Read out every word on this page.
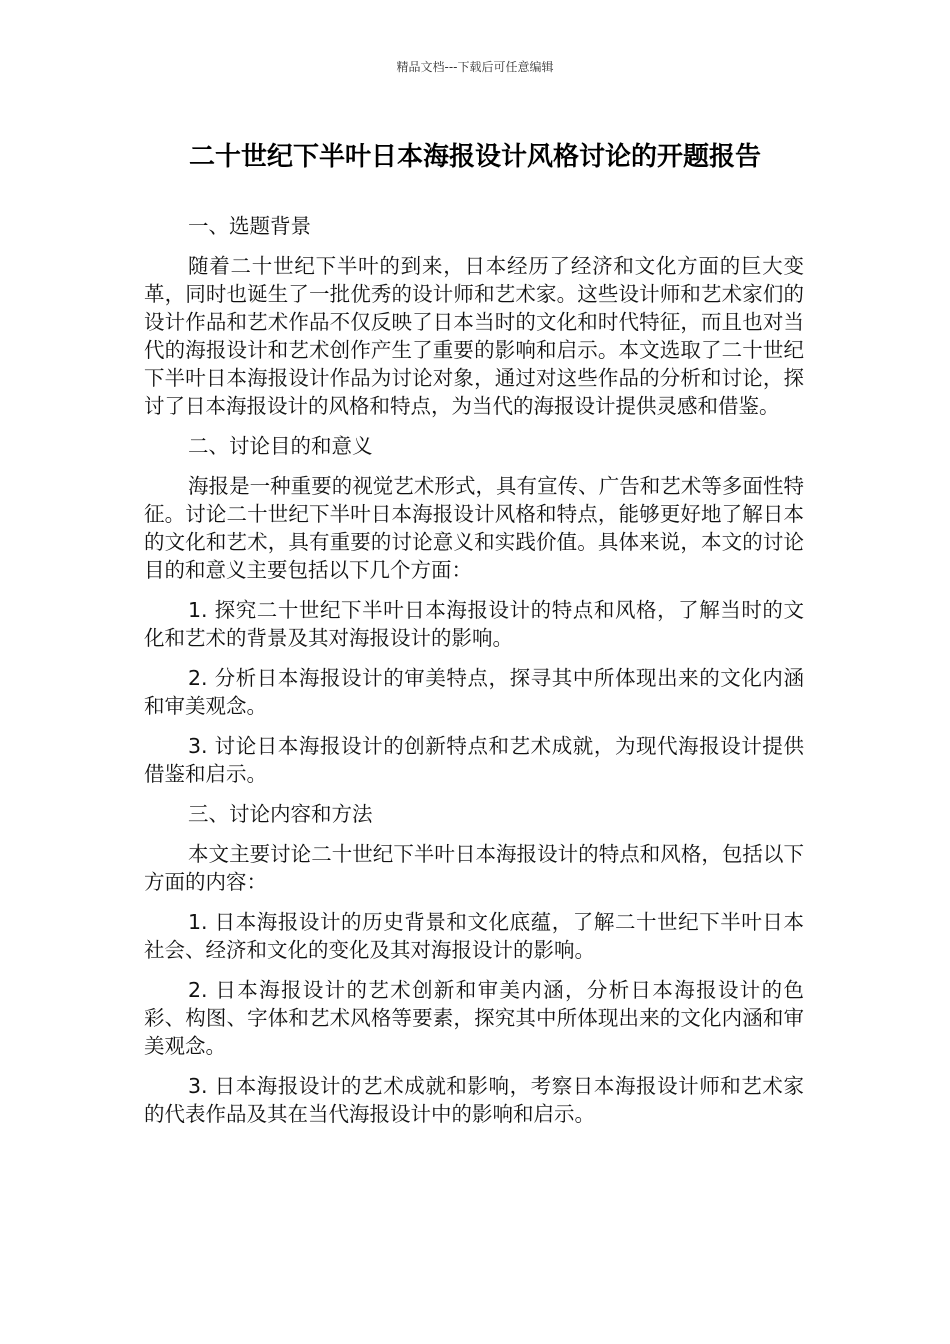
精品文档---下载后可任意编辑
二十世纪下半叶日本海报设计风格讨论的开题报告

一、选题背景

随着二十世纪下半叶的到来，日本经历了经济和文化方面的巨大变革，同时也诞生了一批优秀的设计师和艺术家。这些设计师和艺术家们的设计作品和艺术作品不仅反映了日本当时的文化和时代特征，而且也对当代的海报设计和艺术创作产生了重要的影响和启示。本文选取了二十世纪下半叶日本海报设计作品为讨论对象，通过对这些作品的分析和讨论，探讨了日本海报设计的风格和特点，为当代的海报设计提供灵感和借鉴。

二、讨论目的和意义

海报是一种重要的视觉艺术形式，具有宣传、广告和艺术等多面性特征。讨论二十世纪下半叶日本海报设计风格和特点，能够更好地了解日本的文化和艺术，具有重要的讨论意义和实践价值。具体来说，本文的讨论目的和意义主要包括以下几个方面：

1. 探究二十世纪下半叶日本海报设计的特点和风格，了解当时的文化和艺术的背景及其对海报设计的影响。

2. 分析日本海报设计的审美特点，探寻其中所体现出来的文化内涵和审美观念。

3. 讨论日本海报设计的创新特点和艺术成就，为现代海报设计提供借鉴和启示。

三、讨论内容和方法

本文主要讨论二十世纪下半叶日本海报设计的特点和风格，包括以下方面的内容：

1. 日本海报设计的历史背景和文化底蕴，了解二十世纪下半叶日本社会、经济和文化的变化及其对海报设计的影响。

2. 日本海报设计的艺术创新和审美内涵，分析日本海报设计的色彩、构图、字体和艺术风格等要素，探究其中所体现出来的文化内涵和审美观念。

3. 日本海报设计的艺术成就和影响，考察日本海报设计师和艺术家的代表作品及其在当代海报设计中的影响和启示。
